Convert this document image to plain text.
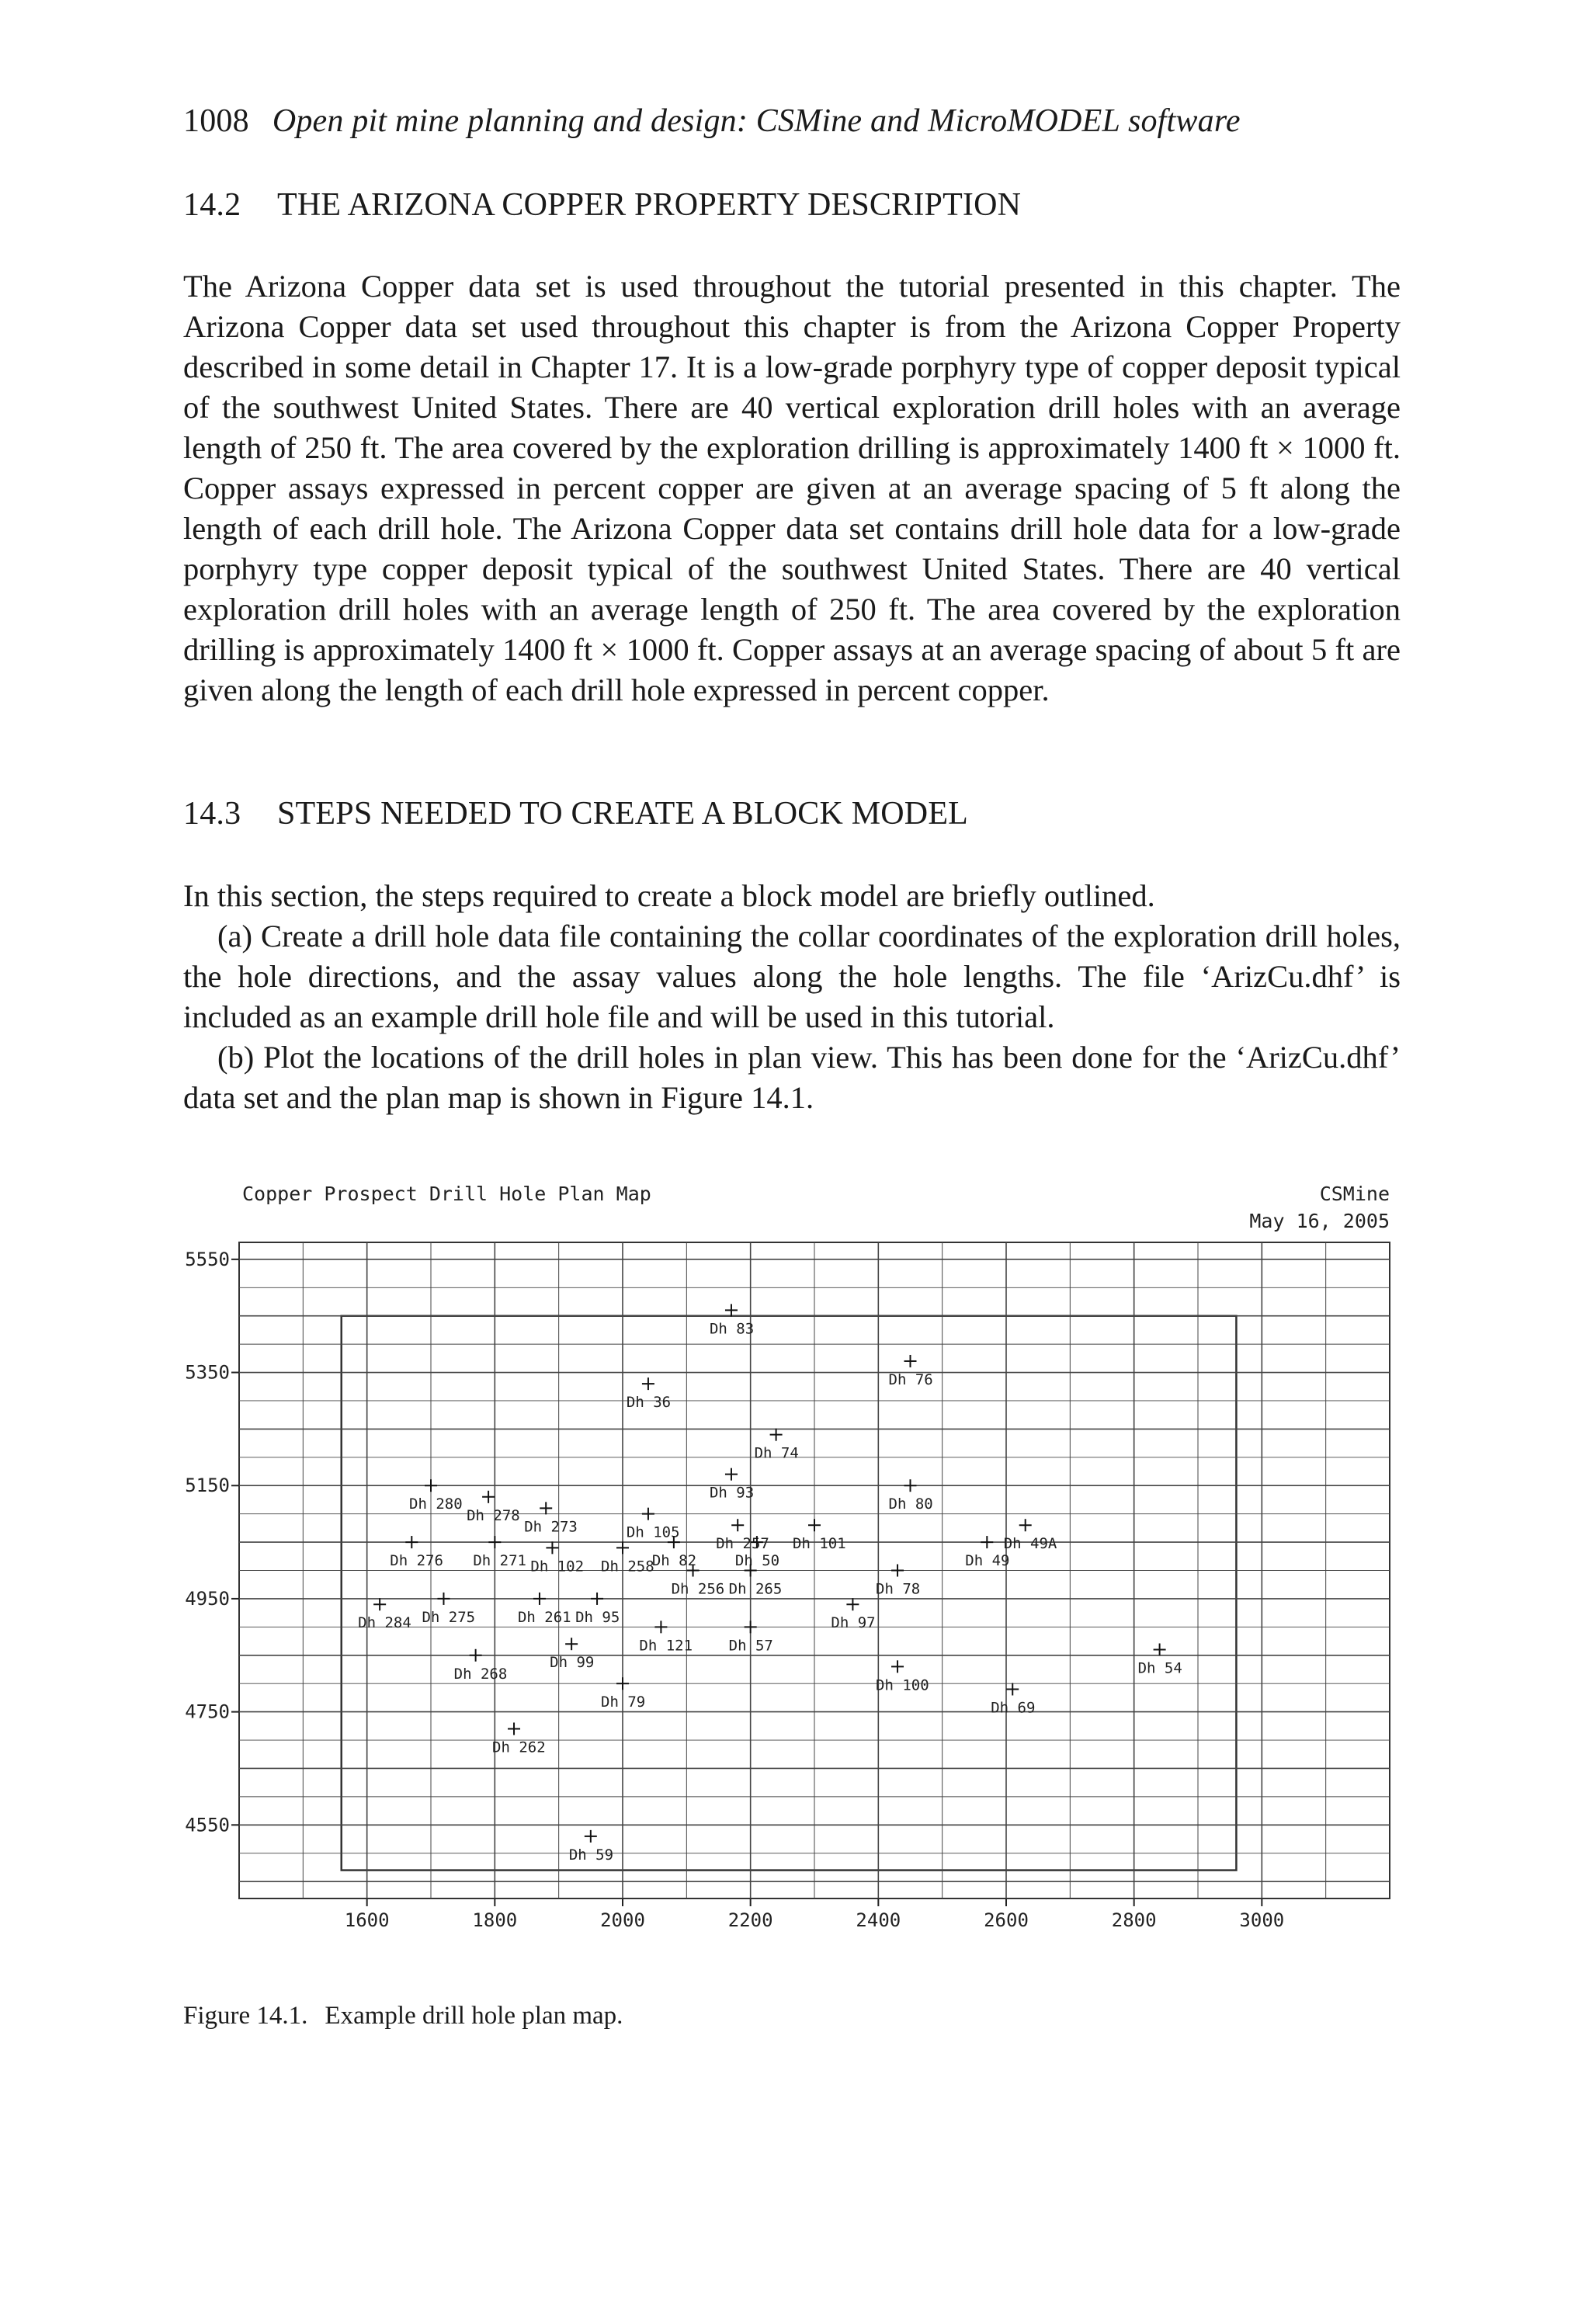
1008 Open pit mine planning and design: CSMine and MicroMODEL software
14.2 THE ARIZONA COPPER PROPERTY DESCRIPTION

The Arizona Copper data set is used throughout the tutorial presented in this chapter. The Arizona Copper data set used throughout this chapter is from the Arizona Copper Property described in some detail in Chapter 17. It is a low-grade porphyry type of copper deposit typical of the southwest United States. There are 40 vertical exploration drill holes with an average length of 250 ft. The area covered by the exploration drilling is approximately 1400 ft × 1000 ft. Copper assays expressed in percent copper are given at an average spacing of 5 ft along the length of each drill hole. The Arizona Copper data set contains drill hole data for a low-grade porphyry type copper deposit typical of the southwest United States. There are 40 vertical exploration drill holes with an average length of 250 ft. The area covered by the exploration drilling is approximately 1400 ft × 1000 ft. Copper assays at an average spacing of about 5 ft are given along the length of each drill hole expressed in percent copper.

14.3 STEPS NEEDED TO CREATE A BLOCK MODEL

In this section, the steps required to create a block model are briefly outlined.

(a) Create a drill hole data file containing the collar coordinates of the exploration drill holes, the hole directions, and the assay values along the hole lengths. The file ‘ArizCu.dhf’ is included as an example drill hole file and will be used in this tutorial.

(b) Plot the locations of the drill holes in plan view. This has been done for the ‘ArizCu.dhf’ data set and the plan map is shown in Figure 14.1.

Copper Prospect Drill Hole Plan Map	CSMine
May 16, 2005
4550
4750
4950
5150
5350
5550
1600	1800	2000	2200	2400	2600	2800	3000
Dh 83
Dh 76
Dh 36
Dh 74
Dh 93
Dh 80
Dh 280
Dh 278
Dh 273	Dh 105
Dh 257 Dh 101
Dh 276 Dh 271 Dh 102 Dh 258
Dh 82	Dh 50	Dh 49
Dh 49A
Dh 256 Dh 265	Dh 78
Dh 284 Dh 275	Dh 261 Dh 95	Dh 97
Dh 121 Dh 57
Dh 99
Dh 268
Dh 100
Dh 54
Dh 79	Dh 69
Dh 262
Dh 59
Figure 14.1. Example drill hole plan map.
